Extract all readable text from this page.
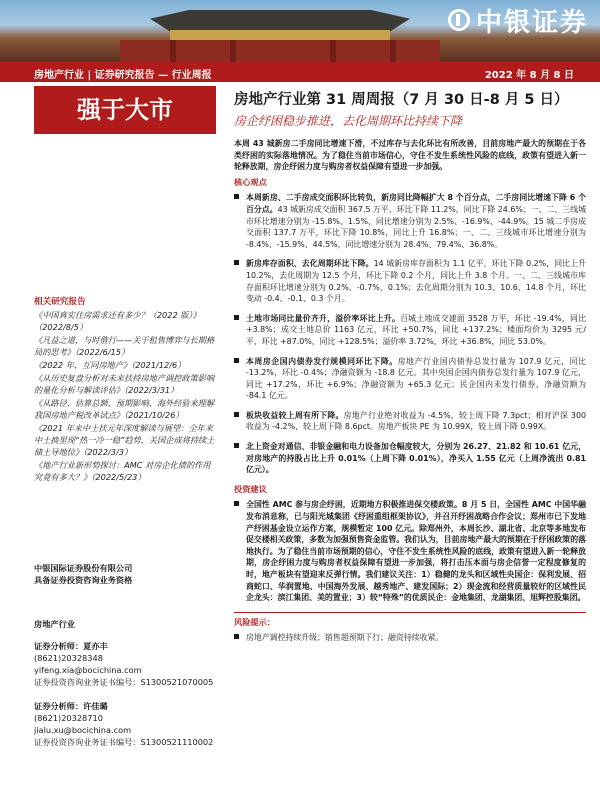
中银证券
房地产行业 | 证券研究报告 — 行业周报	2022 年 8 月 8 日
强于大市
相关研究报告
《中国真实住房需求还有多少？（2022 版）》（2022/8/5）
《凡益之道，与时偕行——关于租售博弈与长期格局的思考》（2022/6/15）
《2022 年，互同房地产》（2021/12/6）
《从历史复盘分析对未来扶持房地产调控政策影响的量化分析与解读评估》（2022/3/31）
《从路径、估算总额、预期影响、海外经验来理解我国房地产税改革试点》（2021/10/26）
《2021 年来中土扶元年深度解读与展望：全年来中土换里现“热一冷一稳”趋势，关国企成将持续土储土导地位》（2022/3/3）
《地产行业新形势探讨：AMC 对房企化债的作用究竟有多大？》（2022/5/23）
中银国际证券股份有限公司
具备证券投资咨询业务资格
房地产行业
证券分析师：夏亦丰
(8621)20328348
yifeng.xia@bocichina.com
证券投资咨询业务证书编号：S1300521070005
证券分析师：许佳璐
(8621)20328710
jialu.xu@bocichina.com
证券投资咨询业务证书编号：S1300521110002
房地产行业第 31 周周报（7 月 30 日-8 月 5 日）
房企纾困稳步推进，去化周期环比持续下降

本周 43 城新房二手房同比增速下滑，不过库存与去化环比有所改善，目前房地产最大的预期在于各类纾困的实际落地情况。为了稳住当前市场信心，守住不发生系统性风险的底线，政策有望进入新一轮释放期，房企纾困力度与购房者权益保障有望进一步加强。

核心观点
本周新房、二手房成交面积环比转负，新房同比降幅扩大 8 个百分点，二手房同比增速下降 6 个百分点。43 城新房成交面积 367.5 万平，环比下降 11.2%，同比下降 24.6%；一、二、三线城市环比增速分别为 -15.8%、1.5%，同比增速分别为 2.5%、-16.9%、-44.9%。15 城二手房成交面积 137.7 万平，环比下降 10.8%，同比上升 16.8%；一、二、三线城市环比增速分别为 -8.4%、-15.9%、44.5%，同比增速分别为 28.4%、79.4%、36.8%。
新房库存面积、去化周期环比下降。14 城新房库存面积为 1.1 亿平，环比下降 0.2%，同比上升 10.2%，去化周期为 12.5 个月，环比下降 0.2 个月，同比上升 3.8 个月。一、二、三线城市库存面积环比增速分别为 0.2%、-0.7%、0.1%；去化周期分别为 10.3、10.6、14.8 个月，环比变动 -0.4、-0.1、0.3 个月。
土地市场同比量价齐升，溢价率环比上升。百城土地成交建面 3528 万平，环比 -19.4%，同比 +3.8%；成交土地总价 1163 亿元，环比 +50.7%，同比 +137.2%；楼面均价为 3295 元/平，环比 +87.0%，同比 +128.5%；溢价率 3.72%，环比 +36.8%，同比 53.0%。
本周房企国内债券发行规模同环比下降。房地产行业国内债券总发行量为 107.9 亿元，同比 -13.2%，环比 -0.4%；净融资额为 -18.8 亿元。其中央国企国内债券总发行量为 107.9 亿元，同比 +17.2%，环比 +6.9%；净融资额为 +65.3 亿元；民企国内未发行债券，净融资额为 -84.1 亿元。
板块收益较上周有所下降。房地产行业绝对收益为 -4.5%，较上周下降 7.3pct；相对沪深 300 收益为 -4.2%，较上周下降 8.6pct。房地产板块 PE 为 10.99X，较上周下降 0.99X。
北上资金对通信、非银金融和电力设备加仓幅度较大，分别为 26.27、21.82 和 10.61 亿元，对房地产的持股占比上升 0.01%（上周下降 0.01%），净买入 1.55 亿元（上周净流出 0.81 亿元）。
投资建议
全国性 AMC 参与房企纾困，近期地方积极推进保交楼政策。8 月 5 日，全国性 AMC 中国华融发布消息称，已与阳光城集团《纾困重组框架协议》，并召开纾困战略合作会议；郑州市已下发地产纾困基金设立运作方案，规模暂定 100 亿元。除郑州外，本周长沙、湖北省、北京等多地发布促交楼相关政策，多数为加强预售资金监管。我们认为，目前房地产最大的预期在于纾困政策的落地执行。为了稳住当前市场预期的信心，守住不发生系统性风险的底线，政策有望进入新一轮释放期，房企纾困力度与购房者权益保障有望进一步加强，将打击压本面与房企信誉一定程度修复的时，地产板块有望迎来反弹行情。我们建议关注：1）稳健的龙头和区域性央国企：保利发展、招商蛇口、华润置地、中国海外发展、越秀地产、建发国际；2）现金流和经营质量较好的区域性民企龙头：滨江集团、美的置业；3）较“特殊”的优质民企：金地集团、龙湖集团、旭辉控股集团。
风险提示：
房地产调控持续升级；销售超预期下行；融资持续收紧。
